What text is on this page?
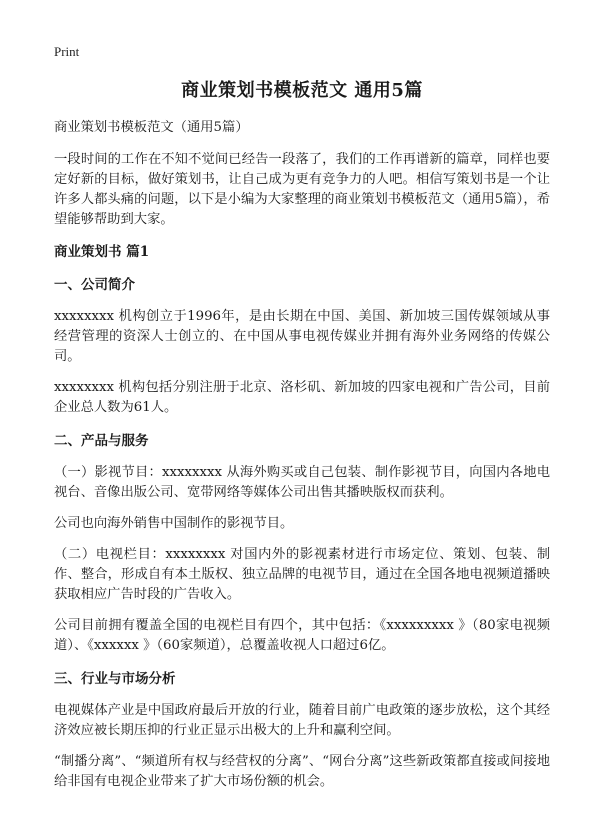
Print
商业策划书模板范文 通用5篇

商业策划书模板范文（通用5篇）

一段时间的工作在不知不觉间已经告一段落了，我们的工作再谱新的篇章，同样也要定好新的目标，做好策划书，让自己成为更有竞争力的人吧。相信写策划书是一个让许多人都头痛的问题，以下是小编为大家整理的商业策划书模板范文（通用5篇），希望能够帮助到大家。

商业策划书 篇1
一、公司简介

xxxxxxxx 机构创立于1996年，是由长期在中国、美国、新加坡三国传媒领域从事经营管理的资深人士创立的、在中国从事电视传媒业并拥有海外业务网络的传媒公司。

xxxxxxxx 机构包括分别注册于北京、洛杉矶、新加坡的四家电视和广告公司，目前企业总人数为61人。

二、产品与服务

（一）影视节目：xxxxxxxx 从海外购买或自己包装、制作影视节目，向国内各地电视台、音像出版公司、宽带网络等媒体公司出售其播映版权而获利。

公司也向海外销售中国制作的影视节目。

（二）电视栏目：xxxxxxxx 对国内外的影视素材进行市场定位、策划、包装、制作、整合，形成自有本土版权、独立品牌的电视节目，通过在全国各地电视频道播映获取相应广告时段的广告收入。

公司目前拥有覆盖全国的电视栏目有四个，其中包括：《xxxxxxxxx 》（80家电视频道）、《xxxxxx 》（60家频道），总覆盖收视人口超过6亿。

三、行业与市场分析

电视媒体产业是中国政府最后开放的行业，随着目前广电政策的逐步放松，这个其经济效应被长期压抑的行业正显示出极大的上升和赢利空间。

“制播分离”、“频道所有权与经营权的分离”、“网台分离”这些新政策都直接或间接地给非国有电视企业带来了扩大市场份额的机会。
